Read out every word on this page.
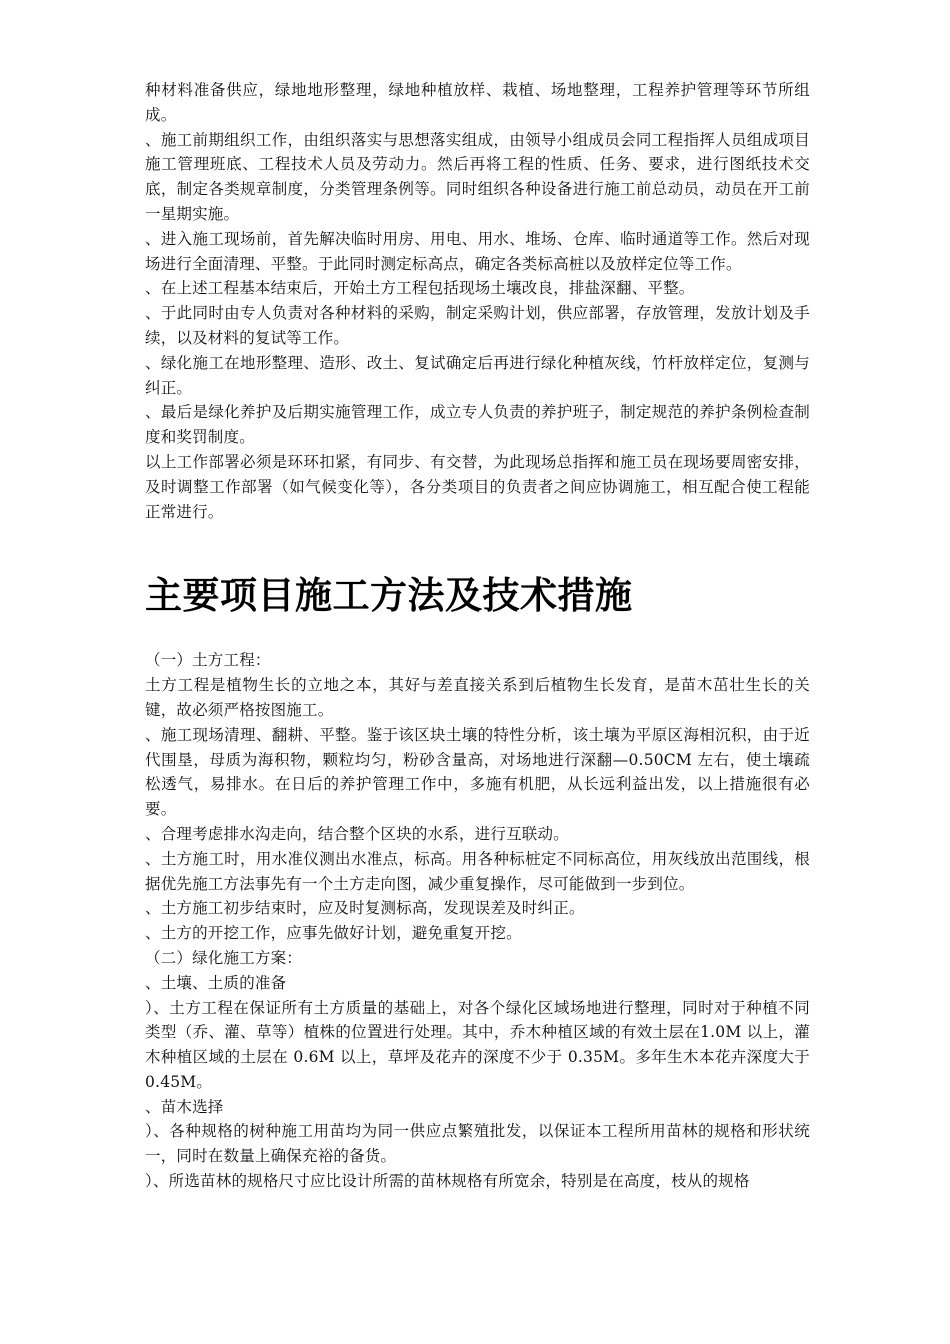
种材料准备供应，绿地地形整理，绿地种植放样、栽植、场地整理，工程养护管理等环节所组成。

、施工前期组织工作，由组织落实与思想落实组成，由领导小组成员会同工程指挥人员组成项目施工管理班底、工程技术人员及劳动力。然后再将工程的性质、任务、要求，进行图纸技术交底，制定各类规章制度，分类管理条例等。同时组织各种设备进行施工前总动员，动员在开工前一星期实施。

、进入施工现场前，首先解决临时用房、用电、用水、堆场、仓库、临时通道等工作。然后对现场进行全面清理、平整。于此同时测定标高点，确定各类标高桩以及放样定位等工作。

、在上述工程基本结束后，开始土方工程包括现场土壤改良，排盐深翻、平整。

、于此同时由专人负责对各种材料的采购，制定采购计划，供应部署，存放管理，发放计划及手续，以及材料的复试等工作。

、绿化施工在地形整理、造形、改土、复试确定后再进行绿化种植灰线，竹杆放样定位，复测与纠正。

、最后是绿化养护及后期实施管理工作，成立专人负责的养护班子，制定规范的养护条例检查制度和奖罚制度。

以上工作部署必须是环环扣紧，有同步、有交替，为此现场总指挥和施工员在现场要周密安排，及时调整工作部署（如气候变化等），各分类项目的负责者之间应协调施工，相互配合使工程能正常进行。

主要项目施工方法及技术措施

（一）土方工程：

土方工程是植物生长的立地之本，其好与差直接关系到后植物生长发育，是苗木茁壮生长的关键，故必须严格按图施工。

、施工现场清理、翻耕、平整。鉴于该区块土壤的特性分析，该土壤为平原区海相沉积，由于近代围垦，母质为海积物，颗粒均匀，粉砂含量高，对场地进行深翻—0.50CM 左右，使土壤疏松透气，易排水。在日后的养护管理工作中，多施有机肥，从长远利益出发，以上措施很有必要。

、合理考虑排水沟走向，结合整个区块的水系，进行互联动。

、土方施工时，用水准仪测出水准点，标高。用各种标桩定不同标高位，用灰线放出范围线，根据优先施工方法事先有一个土方走向图，减少重复操作，尽可能做到一步到位。

、土方施工初步结束时，应及时复测标高，发现误差及时纠正。

、土方的开挖工作，应事先做好计划，避免重复开挖。

（二）绿化施工方案：

、土壤、土质的准备

）、土方工程在保证所有土方质量的基础上，对各个绿化区域场地进行整理，同时对于种植不同类型（乔、灌、草等）植株的位置进行处理。其中，乔木种植区域的有效土层在1.0M 以上，灌木种植区域的土层在 0.6M 以上，草坪及花卉的深度不少于 0.35M。多年生木本花卉深度大于 0.45M。

、苗木选择

）、各种规格的树种施工用苗均为同一供应点繁殖批发，以保证本工程所用苗林的规格和形状统一，同时在数量上确保充裕的备货。

）、所选苗林的规格尺寸应比设计所需的苗林规格有所宽余，特别是在高度，枝从的规格
